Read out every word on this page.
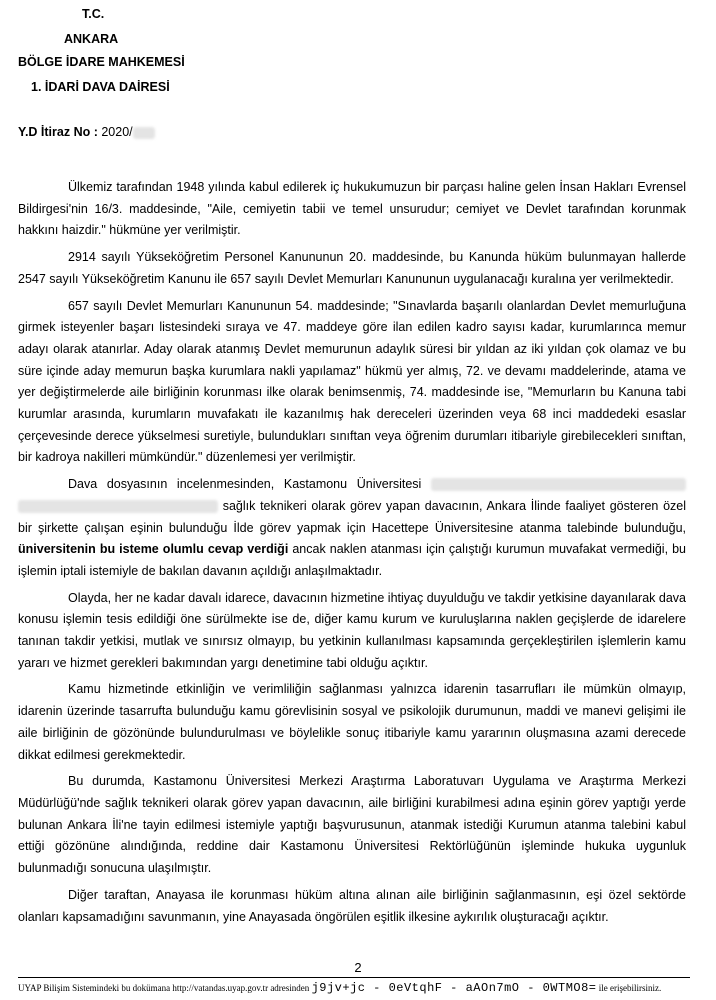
T.C.
ANKARA
BÖLGE İDARE MAHKEMESİ
1. İDARİ DAVA DAİRESİ
Y.D İtiraz No : 2020/

Ülkemiz tarafından 1948 yılında kabul edilerek iç hukukumuzun bir parçası haline gelen İnsan Hakları Evrensel Bildirgesi'nin 16/3. maddesinde, "Aile, cemiyetin tabii ve temel unsurudur; cemiyet ve Devlet tarafından korunmak hakkını haizdir." hükmüne yer verilmiştir.

2914 sayılı Yükseköğretim Personel Kanununun 20. maddesinde, bu Kanunda hüküm bulunmayan hallerde 2547 sayılı Yükseköğretim Kanunu ile 657 sayılı Devlet Memurları Kanununun uygulanacağı kuralına yer verilmektedir.

657 sayılı Devlet Memurları Kanununun 54. maddesinde; "Sınavlarda başarılı olanlardan Devlet memurluğuna girmek isteyenler başarı listesindeki sıraya ve 47. maddeye göre ilan edilen kadro sayısı kadar, kurumlarınca memur adayı olarak atanırlar. Aday olarak atanmış Devlet memurunun adaylık süresi bir yıldan az iki yıldan çok olamaz ve bu süre içinde aday memurun başka kurumlara nakli yapılamaz" hükmü yer almış, 72. ve devamı maddelerinde, atama ve yer değiştirmelerde aile birliğinin korunması ilke olarak benimsenmiş, 74. maddesinde ise, "Memurların bu Kanuna tabi kurumlar arasında, kurumların muvafakatı ile kazanılmış hak dereceleri üzerinden veya 68 inci maddedeki esaslar çerçevesinde derece yükselmesi suretiyle, bulundukları sınıftan veya öğrenim durumları itibariyle girebilecekleri sınıftan, bir kadroya nakilleri mümkündür." düzenlemesi yer verilmiştir.

Dava dosyasının incelenmesinden, Kastamonu Üniversitesi   sağlık teknikeri olarak görev yapan davacının, Ankara İlinde faaliyet gösteren özel bir şirkette çalışan eşinin bulunduğu İlde görev yapmak için Hacettepe Üniversitesine atanma talebinde bulunduğu, üniversitenin bu isteme olumlu cevap verdiği ancak naklen atanması için çalıştığı kurumun muvafakat vermediği, bu işlemin iptali istemiyle de bakılan davanın açıldığı anlaşılmaktadır.

Olayda, her ne kadar davalı idarece, davacının hizmetine ihtiyaç duyulduğu ve takdir yetkisine dayanılarak dava konusu işlemin tesis edildiği öne sürülmekte ise de, diğer kamu kurum ve kuruluşlarına naklen geçişlerde de idarelere tanınan takdir yetkisi, mutlak ve sınırsız olmayıp, bu yetkinin kullanılması kapsamında gerçekleştirilen işlemlerin kamu yararı ve hizmet gerekleri bakımından yargı denetimine tabi olduğu açıktır.

Kamu hizmetinde etkinliğin ve verimliliğin sağlanması yalnızca idarenin tasarrufları ile mümkün olmayıp, idarenin üzerinde tasarrufta bulunduğu kamu görevlisinin sosyal ve psikolojik durumunun, maddi ve manevi gelişimi ile aile birliğinin de gözönünde bulundurulması ve böylelikle sonuç itibariyle kamu yararının oluşmasına azami derecede dikkat edilmesi gerekmektedir.

Bu durumda, Kastamonu Üniversitesi Merkezi Araştırma Laboratuvarı Uygulama ve Araştırma Merkezi Müdürlüğü'nde sağlık teknikeri olarak görev yapan davacının, aile birliğini kurabilmesi adına eşinin görev yaptığı yerde bulunan Ankara İli'ne tayin edilmesi istemiyle yaptığı başvurusunun, atanmak istediği Kurumun atanma talebini kabul ettiği gözönüne alındığında, reddine dair Kastamonu Üniversitesi Rektörlüğünün işleminde hukuka uygunluk bulunmadığı sonucuna ulaşılmıştır.

Diğer taraftan, Anayasa ile korunması hüküm altına alınan aile birliğinin sağlanmasının, eşi özel sektörde olanları kapsamadığını savunmanın, yine Anayasada öngörülen eşitlik ilkesine aykırılık oluşturacağı açıktır.

2
UYAP Bilişim Sistemindeki bu dokümana http://vatandas.uyap.gov.tr adresinden j9jv+jc - 0eVtqhF - aAOn7mO - 0WTMO8= ile erişebilirsiniz.
